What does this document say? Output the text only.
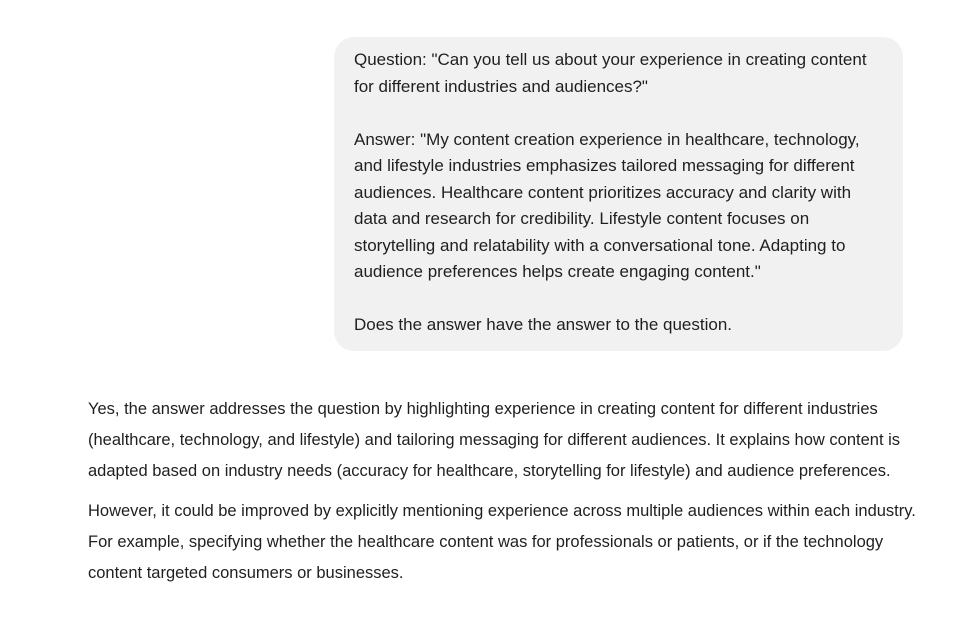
Question: "Can you tell us about your experience in creating content for different industries and audiences?"

Answer: "My content creation experience in healthcare, technology, and lifestyle industries emphasizes tailored messaging for different audiences. Healthcare content prioritizes accuracy and clarity with data and research for credibility. Lifestyle content focuses on storytelling and relatability with a conversational tone. Adapting to audience preferences helps create engaging content."

Does the answer have the answer to the question.

Yes, the answer addresses the question by highlighting experience in creating content for different industries (healthcare, technology, and lifestyle) and tailoring messaging for different audiences. It explains how content is adapted based on industry needs (accuracy for healthcare, storytelling for lifestyle) and audience preferences.

However, it could be improved by explicitly mentioning experience across multiple audiences within each industry. For example, specifying whether the healthcare content was for professionals or patients, or if the technology content targeted consumers or businesses.
